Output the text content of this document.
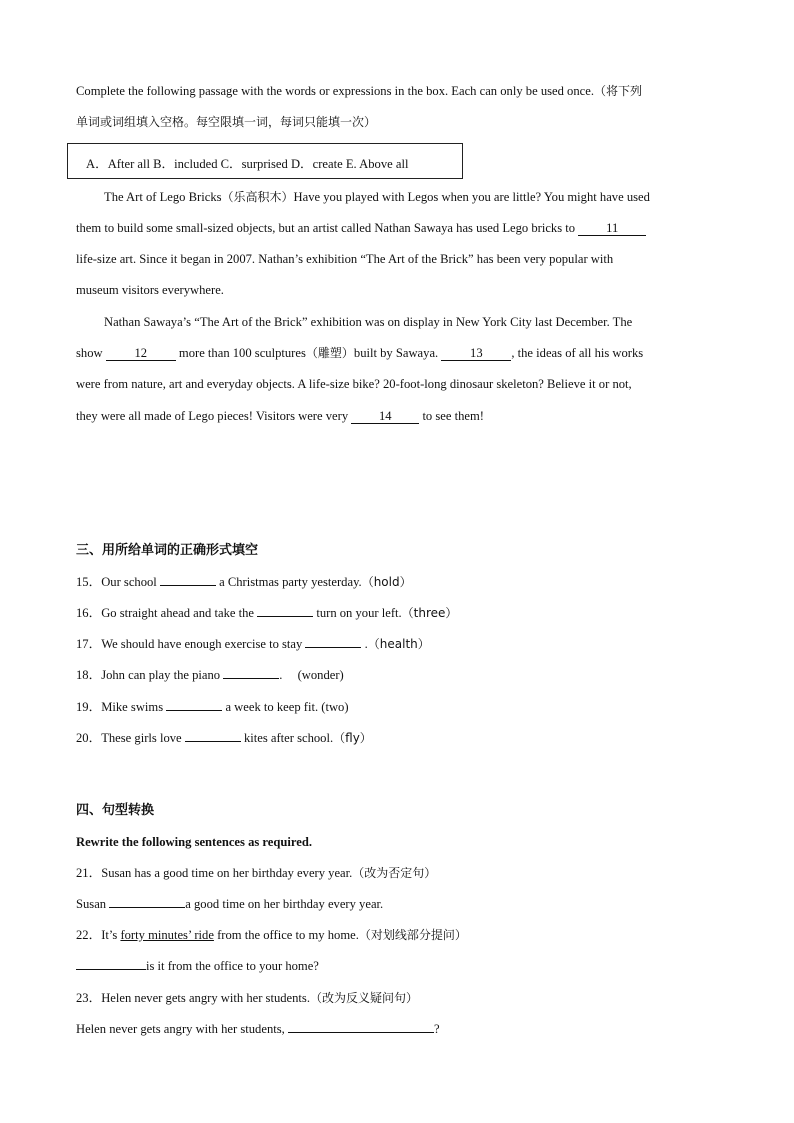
Complete the following passage with the words or expressions in the box. Each can only be used once.（将下列
单词或词组填入空格。每空限填一词，每词只能填一次）
A．After all B．included C．surprised D．create E. Above all
The Art of Lego Bricks（乐高积木）Have you played with Legos when you are little? You might have used
them to build some small-sized objects, but an artist called Nathan Sawaya has used Lego bricks to 11
life-size art. Since it began in 2007. Nathan’s exhibition “The Art of the Brick” has been very popular with
museum visitors everywhere.
Nathan Sawaya’s “The Art of the Brick” exhibition was on display in New York City last December. The
show	12	more than 100 sculptures（雕塑）built by Sawaya.	13 , the ideas of all his works
were from nature, art and everyday objects. A life-size bike? 20-foot-long dinosaur skeleton? Believe it or not,
they were all made of Lego pieces! Visitors were very 14 to see them!
三、用所给单词的正确形式填空
15．Our school	a Christmas party yesterday.（hold）
16．Go straight ahead and take the	turn on your left.（three）
17．We should have enough exercise to stay	.（health）
18．John can play the piano	. (wonder)
19．Mike swims	a week to keep fit. (two)
20．These girls love	kites after school.（fly）
四、句型转换
Rewrite the following sentences as required.
21．Susan has a good time on her birthday every year.（改为否定句）
Susan	a good time on her birthday every year.
22．It’s forty minutes’ ride from the office to my home.（对划线部分提问）
is it from the office to your home?
23．Helen never gets angry with her students.（改为反义疑问句）
Helen never gets angry with her students,	?
